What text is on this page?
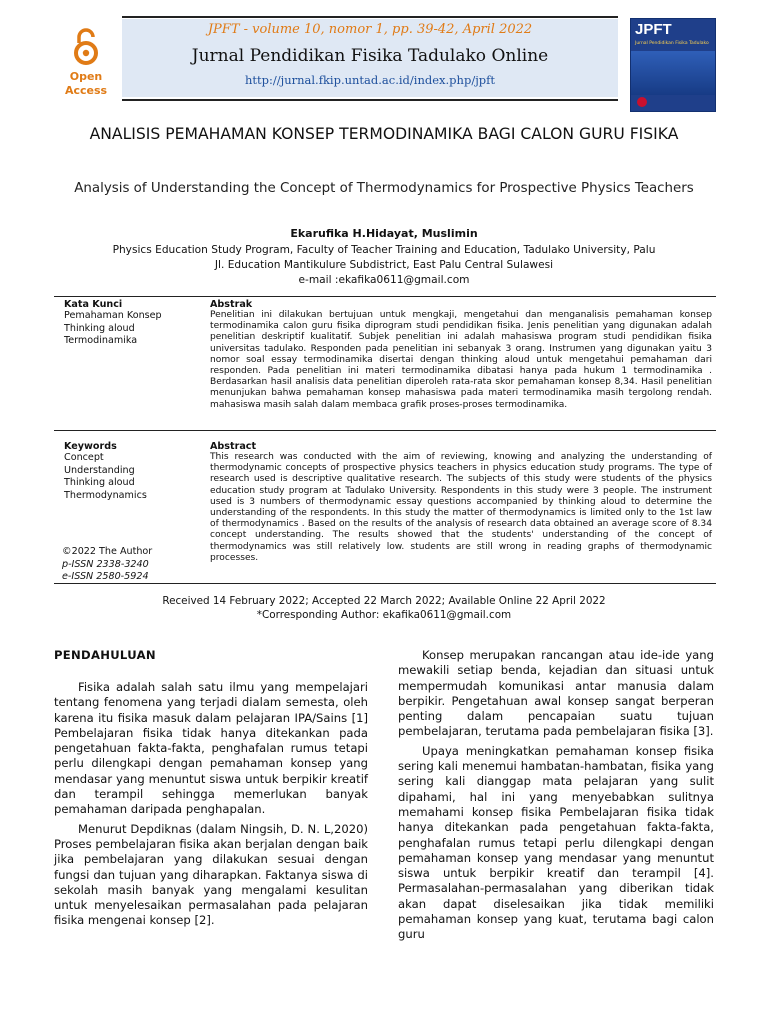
Open
Access
JPFT - volume 10, nomor 1, pp. 39-42, April 2022
Jurnal Pendidikan Fisika Tadulako Online
http://jurnal.fkip.untad.ac.id/index.php/jpft
JPFT
Jurnal Pendidikan Fisika Tadulako
ANALISIS PEMAHAMAN KONSEP TERMODINAMIKA BAGI CALON GURU FISIKA
Analysis of Understanding the Concept of Thermodynamics for Prospective Physics Teachers
Ekarufika H.Hidayat, Muslimin
Physics Education Study Program, Faculty of Teacher Training and Education, Tadulako University, Palu
Jl. Education Mantikulure Subdistrict, East Palu Central Sulawesi
e-mail :ekafika0611@gmail.com
Kata Kunci
Pemahaman Konsep
Thinking aloud
Termodinamika
Abstrak
Penelitian ini dilakukan bertujuan untuk mengkaji, mengetahui dan menganalisis pemahaman konsep termodinamika calon guru fisika diprogram studi pendidikan fisika. Jenis penelitian yang digunakan adalah penelitian deskriptif kualitatif. Subjek penelitian ini adalah mahasiswa program studi pendidikan fisika universitas tadulako. Responden pada penelitian ini sebanyak 3 orang. Instrumen yang digunakan yaitu 3 nomor soal essay termodinamika disertai dengan thinking aloud untuk mengetahui pemahaman dari responden. Pada penelitian ini materi termodinamika dibatasi hanya pada hukum 1 termodinamika . Berdasarkan hasil analisis data penelitian diperoleh rata-rata skor pemahaman konsep 8,34. Hasil penelitian menunjukan bahwa pemahaman konsep mahasiswa pada materi termodinamika masih tergolong rendah. mahasiswa masih salah dalam membaca grafik proses-proses termodinamika.
Keywords
Concept
Understanding
Thinking aloud
Thermodynamics
©2022 The Author
p-ISSN 2338-3240
e-ISSN 2580-5924
Abstract
This research was conducted with the aim of reviewing, knowing and analyzing the understanding of thermodynamic concepts of prospective physics teachers in physics education study programs. The type of research used is descriptive qualitative research. The subjects of this study were students of the physics education study program at Tadulako University. Respondents in this study were 3 people. The instrument used is 3 numbers of thermodynamic essay questions accompanied by thinking aloud to determine the understanding of the respondents. In this study the matter of thermodynamics is limited only to the 1st law of thermodynamics . Based on the results of the analysis of research data obtained an average score of 8.34 concept understanding. The results showed that the students' understanding of the concept of thermodynamics was still relatively low. students are still wrong in reading graphs of thermodynamic processes.
Received 14 February 2022; Accepted 22 March 2022; Available Online 22 April 2022
*Corresponding Author: ekafika0611@gmail.com
PENDAHULUAN

Fisika adalah salah satu ilmu yang mempelajari tentang fenomena yang terjadi dialam semesta, oleh karena itu fisika masuk dalam pelajaran IPA/Sains [1] Pembelajaran fisika tidak hanya ditekankan pada pengetahuan fakta-fakta, penghafalan rumus tetapi perlu dilengkapi dengan pemahaman konsep yang mendasar yang menuntut siswa untuk berpikir kreatif dan terampil sehingga memerlukan banyak pemahaman daripada penghapalan.

Menurut Depdiknas (dalam Ningsih, D. N. L,2020) Proses pembelajaran fisika akan berjalan dengan baik jika pembelajaran yang dilakukan sesuai dengan fungsi dan tujuan yang diharapkan. Faktanya siswa di sekolah masih banyak yang mengalami kesulitan untuk menyelesaikan permasalahan pada pelajaran fisika mengenai konsep [2].

Konsep merupakan rancangan atau ide-ide yang mewakili setiap benda, kejadian dan situasi untuk mempermudah komunikasi antar manusia dalam berpikir. Pengetahuan awal konsep sangat berperan penting dalam pencapaian suatu tujuan pembelajaran, terutama pada pembelajaran fisika [3].

Upaya meningkatkan pemahaman konsep fisika sering kali menemui hambatan-hambatan, fisika yang sering kali dianggap mata pelajaran yang sulit dipahami, hal ini yang menyebabkan sulitnya memahami konsep fisika Pembelajaran fisika tidak hanya ditekankan pada pengetahuan fakta-fakta, penghafalan rumus tetapi perlu dilengkapi dengan pemahaman konsep yang mendasar yang menuntut siswa untuk berpikir kreatif dan terampil [4]. Permasalahan-permasalahan yang diberikan tidak akan dapat diselesaikan jika tidak memiliki pemahaman konsep yang kuat, terutama bagi calon guru
